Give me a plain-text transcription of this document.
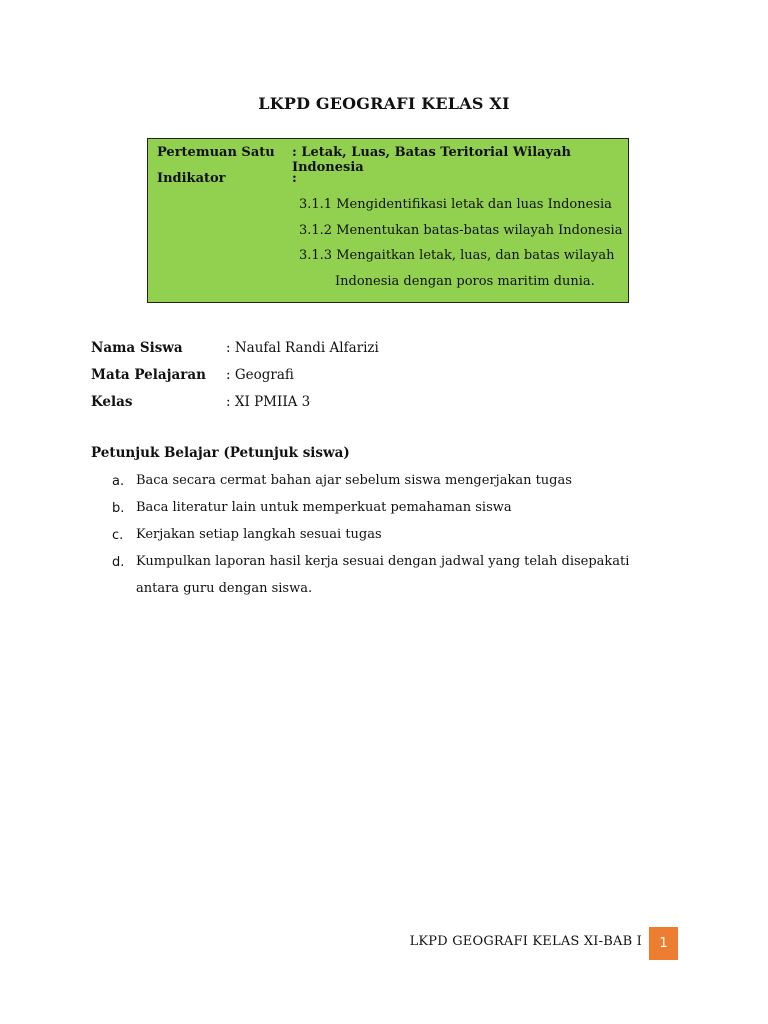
LKPD GEOGRAFI KELAS XI
Pertemuan Satu : Letak, Luas, Batas Teritorial Wilayah Indonesia
Indikator	:
3.1.1 Mengidentifikasi letak dan luas Indonesia
3.1.2 Menentukan batas-batas wilayah Indonesia
3.1.3 Mengaitkan letak, luas, dan batas wilayah
Indonesia dengan poros maritim dunia.
Nama Siswa	: Naufal Randi Alfarizi
Mata Pelajaran : Geografi
Kelas	: XI PMIIA 3
Petunjuk Belajar (Petunjuk siswa)
a. Baca secara cermat bahan ajar sebelum siswa mengerjakan tugas
b. Baca literatur lain untuk memperkuat pemahaman siswa
c. Kerjakan setiap langkah sesuai tugas
d. Kumpulkan laporan hasil kerja sesuai dengan jadwal yang telah disepakati antara guru dengan siswa.
LKPD GEOGRAFI KELAS XI-BAB I	1
